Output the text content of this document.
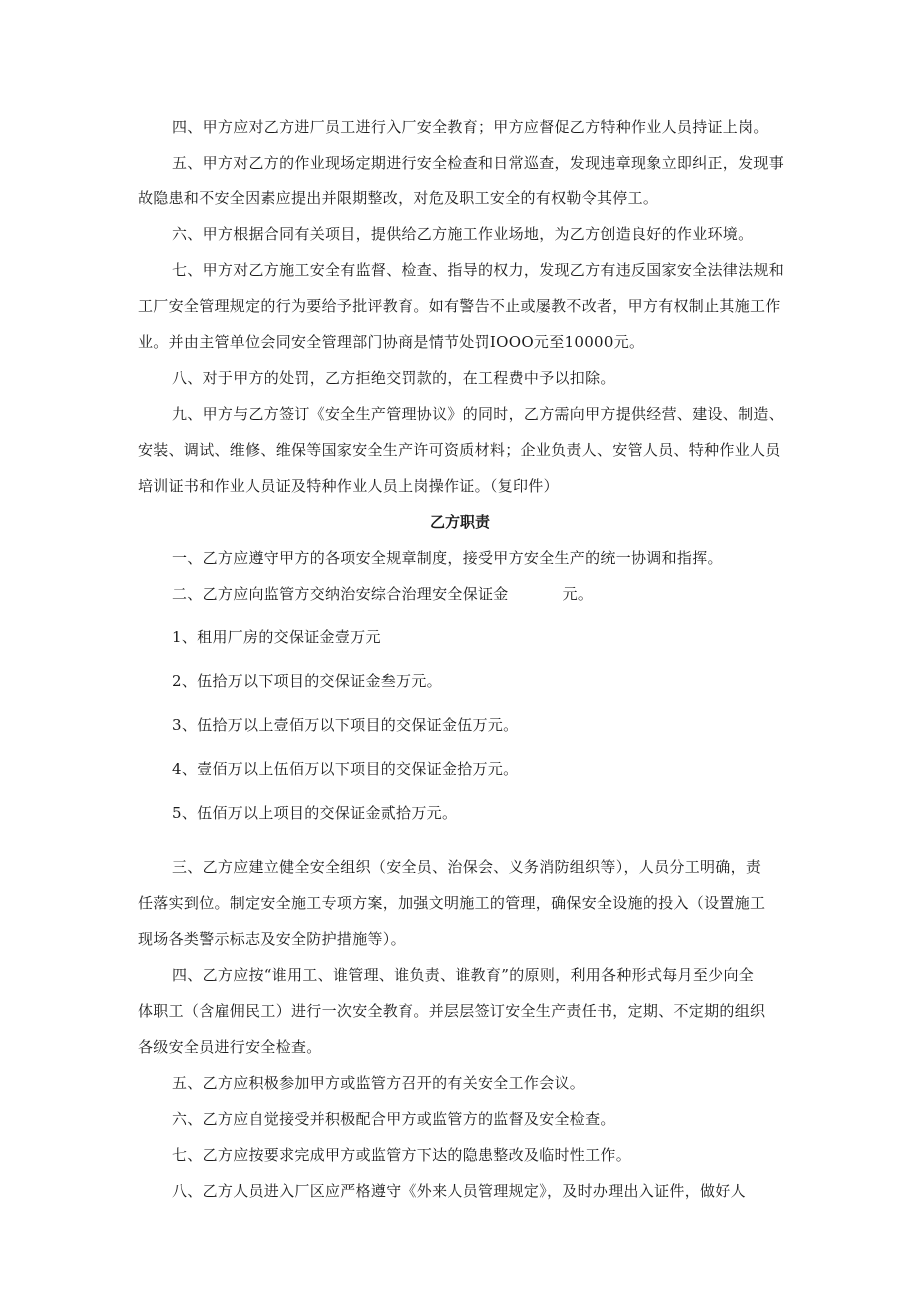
四、甲方应对乙方进厂员工进行入厂安全教育；甲方应督促乙方特种作业人员持证上岗。
五、甲方对乙方的作业现场定期进行安全检查和日常巡查，发现违章现象立即纠正，发现事
故隐患和不安全因素应提出并限期整改，对危及职工安全的有权勒令其停工。
六、甲方根据合同有关项目，提供给乙方施工作业场地，为乙方创造良好的作业环境。
七、甲方对乙方施工安全有监督、检查、指导的权力，发现乙方有违反国家安全法律法规和
工厂安全管理规定的行为要给予批评教育。如有警告不止或屡教不改者，甲方有权制止其施工作
业。并由主管单位会同安全管理部门协商是情节处罚IOOO元至10000元。
八、对于甲方的处罚，乙方拒绝交罚款的，在工程费中予以扣除。
九、甲方与乙方签订《安全生产管理协议》的同时，乙方需向甲方提供经营、建设、制造、
安装、调试、维修、维保等国家安全生产许可资质材料；企业负责人、安管人员、特种作业人员
培训证书和作业人员证及特种作业人员上岗操作证。（复印件）
乙方职责
一、乙方应遵守甲方的各项安全规章制度，接受甲方安全生产的统一协调和指挥。
二、乙方应向监管方交纳治安综合治理安全保证金	元。
1、租用厂房的交保证金壹万元
2、伍拾万以下项目的交保证金叁万元。
3、伍拾万以上壹佰万以下项目的交保证金伍万元。
4、壹佰万以上伍佰万以下项目的交保证金拾万元。
5、伍佰万以上项目的交保证金贰拾万元。
三、乙方应建立健全安全组织（安全员、治保会、义务消防组织等），人员分工明确，责
任落实到位。制定安全施工专项方案，加强文明施工的管理，确保安全设施的投入（设置施工
现场各类警示标志及安全防护措施等）。
四、乙方应按“谁用工、谁管理、谁负责、谁教育”的原则，利用各种形式每月至少向全
体职工（含雇佣民工）进行一次安全教育。并层层签订安全生产责任书，定期、不定期的组织
各级安全员进行安全检查。
五、乙方应积极参加甲方或监管方召开的有关安全工作会议。
六、乙方应自觉接受并积极配合甲方或监管方的监督及安全检查。
七、乙方应按要求完成甲方或监管方下达的隐患整改及临时性工作。
八、乙方人员进入厂区应严格遵守《外来人员管理规定》，及时办理出入证件，做好人
